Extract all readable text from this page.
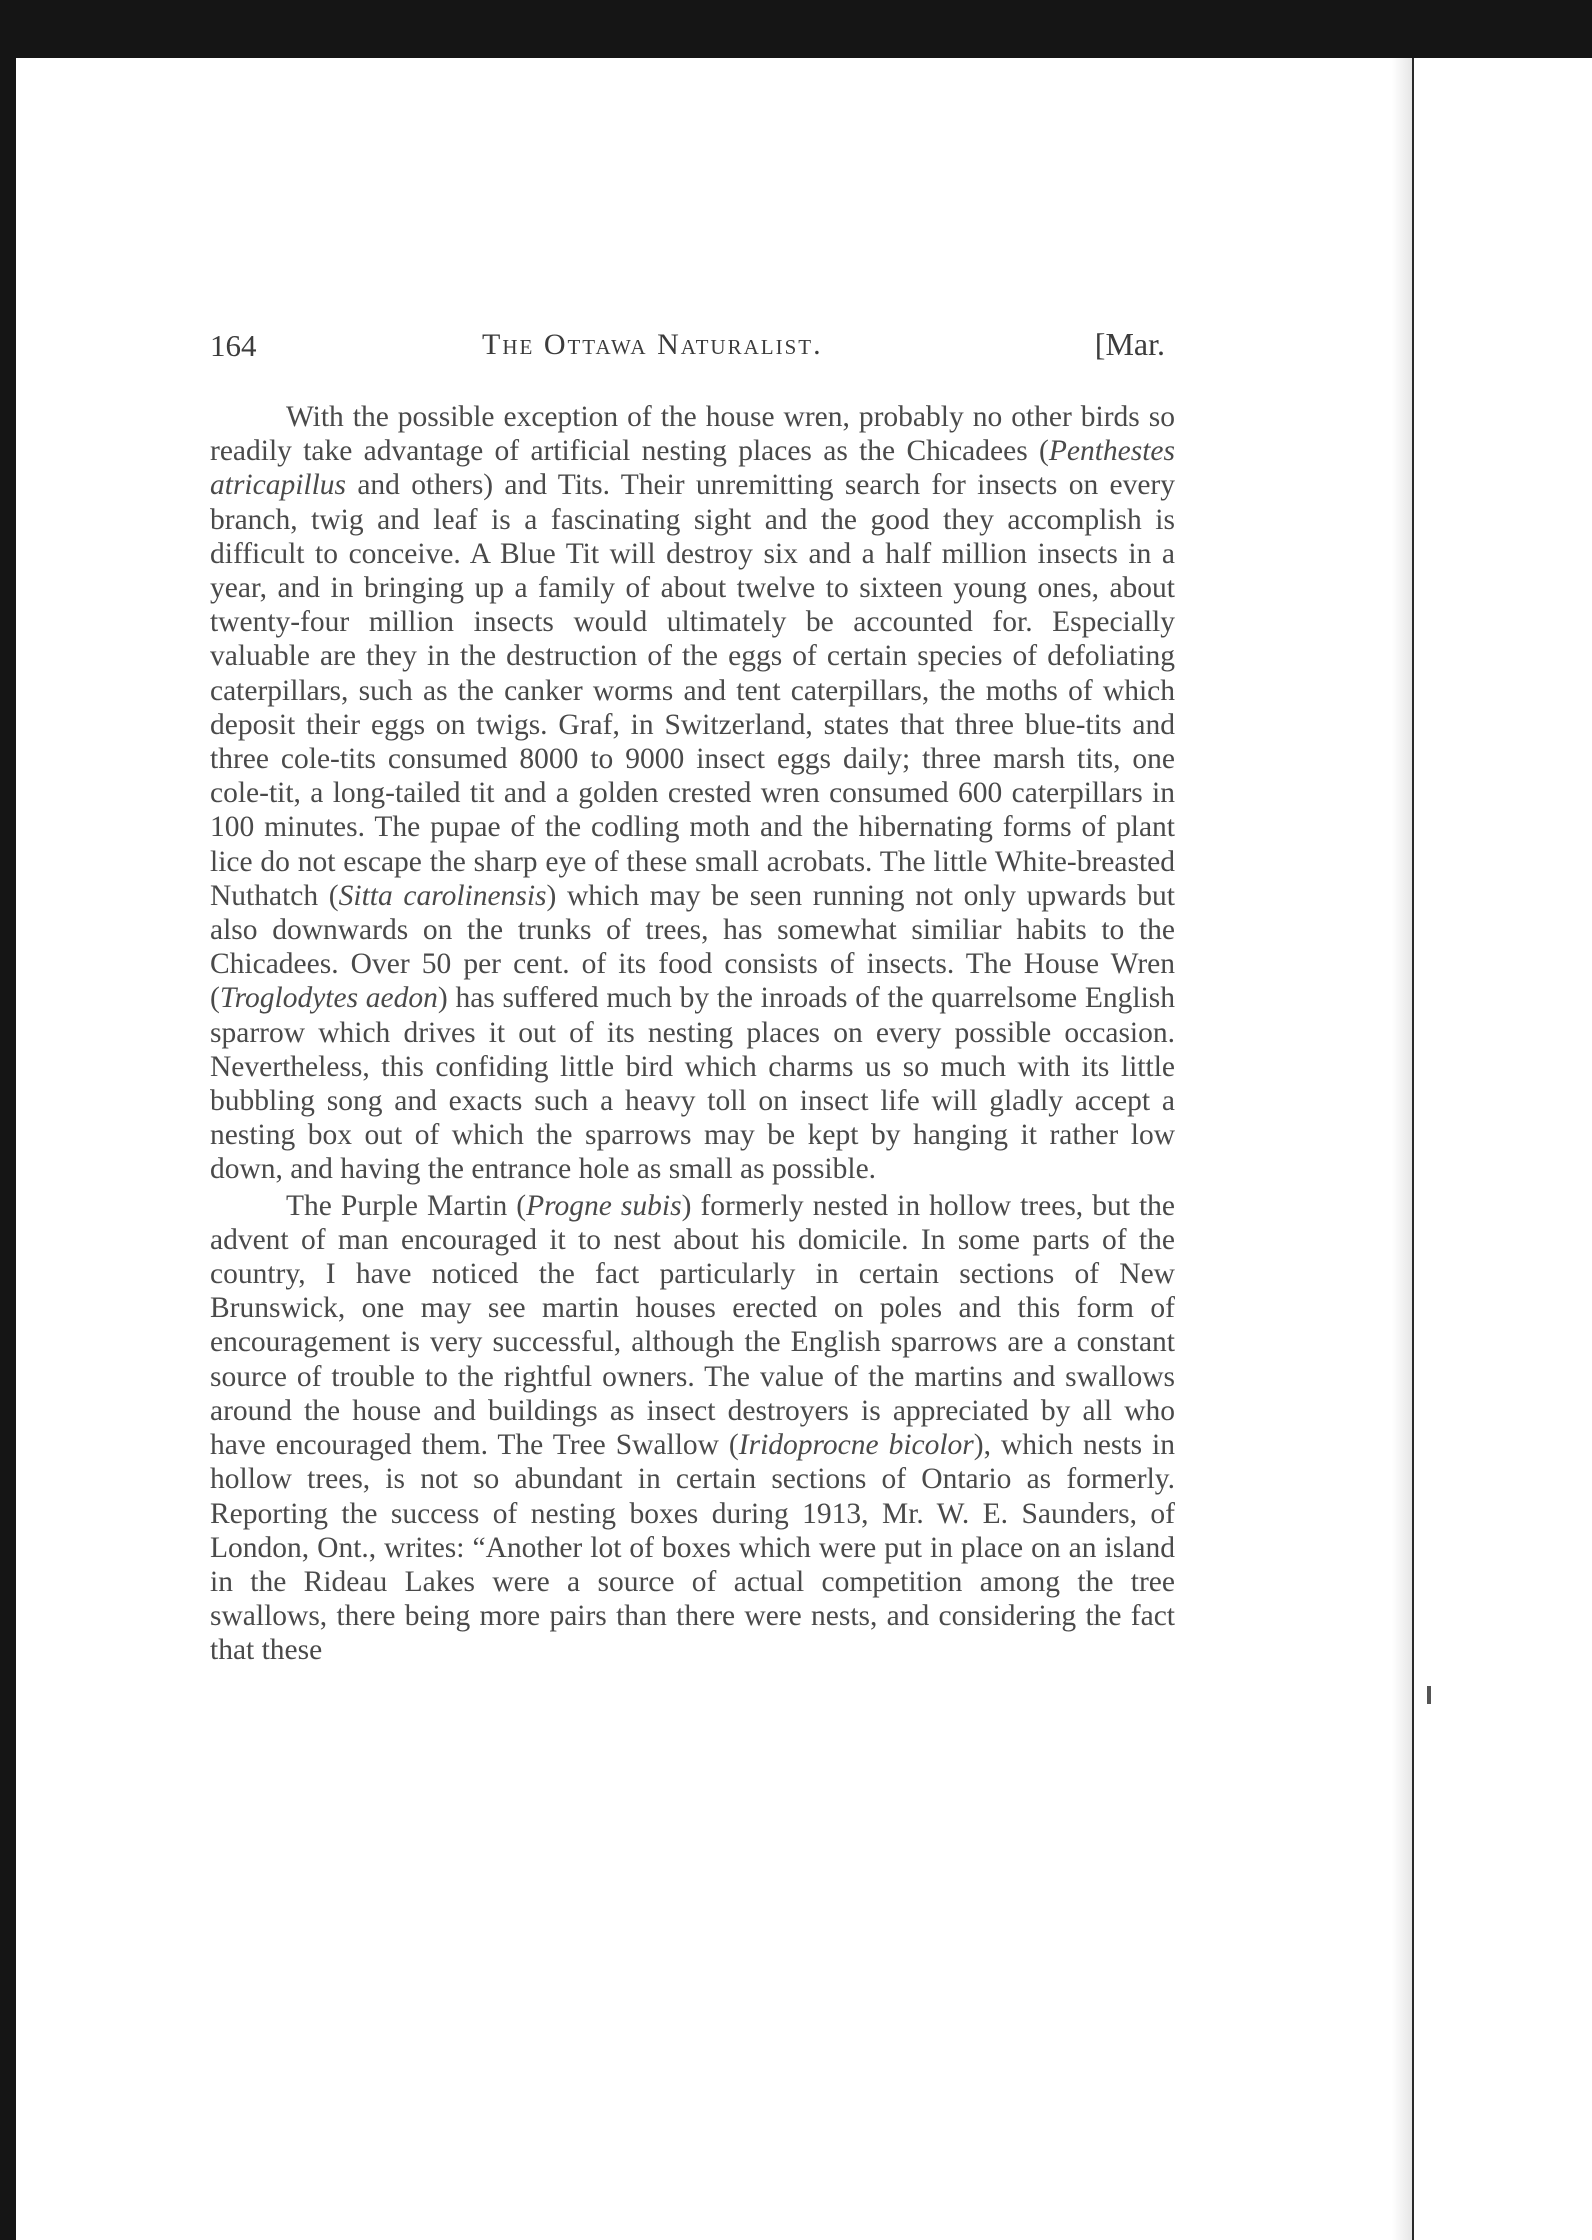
164	The Ottawa Naturalist.	[Mar.

With the possible exception of the house wren, probably no other birds so readily take advantage of artificial nesting places as the Chicadees (Penthestes atricapillus and others) and Tits. Their unremitting search for insects on every branch, twig and leaf is a fascinating sight and the good they accomplish is difficult to conceive. A Blue Tit will destroy six and a half million insects in a year, and in bringing up a family of about twelve to sixteen young ones, about twenty-four million insects would ultimately be accounted for. Especially valuable are they in the destruction of the eggs of certain species of defoliating caterpillars, such as the canker worms and tent caterpillars, the moths of which deposit their eggs on twigs. Graf, in Switzerland, states that three blue-tits and three cole-tits consumed 8000 to 9000 insect eggs daily; three marsh tits, one cole-tit, a long-tailed tit and a golden crested wren consumed 600 caterpillars in 100 minutes. The pupae of the codling moth and the hibernating forms of plant lice do not escape the sharp eye of these small acrobats. The little White-breasted Nuthatch (Sitta carolinensis) which may be seen running not only upwards but also downwards on the trunks of trees, has somewhat similiar habits to the Chicadees. Over 50 per cent. of its food consists of insects. The House Wren (Troglodytes aedon) has suffered much by the inroads of the quarrelsome English sparrow which drives it out of its nesting places on every possible occasion. Nevertheless, this confiding little bird which charms us so much with its little bubbling song and exacts such a heavy toll on insect life will gladly accept a nesting box out of which the sparrows may be kept by hanging it rather low down, and having the entrance hole as small as possible.

The Purple Martin (Progne subis) formerly nested in hollow trees, but the advent of man encouraged it to nest about his domicile. In some parts of the country, I have noticed the fact particularly in certain sections of New Brunswick, one may see martin houses erected on poles and this form of encouragement is very successful, although the English sparrows are a constant source of trouble to the rightful owners. The value of the martins and swallows around the house and buildings as insect destroyers is appreciated by all who have encouraged them. The Tree Swallow (Iridoprocne bicolor), which nests in hollow trees, is not so abundant in certain sections of Ontario as formerly. Reporting the success of nesting boxes during 1913, Mr. W. E. Saunders, of London, Ont., writes: “Another lot of boxes which were put in place on an island in the Rideau Lakes were a source of actual competition among the tree swallows, there being more pairs than there were nests, and considering the fact that these
